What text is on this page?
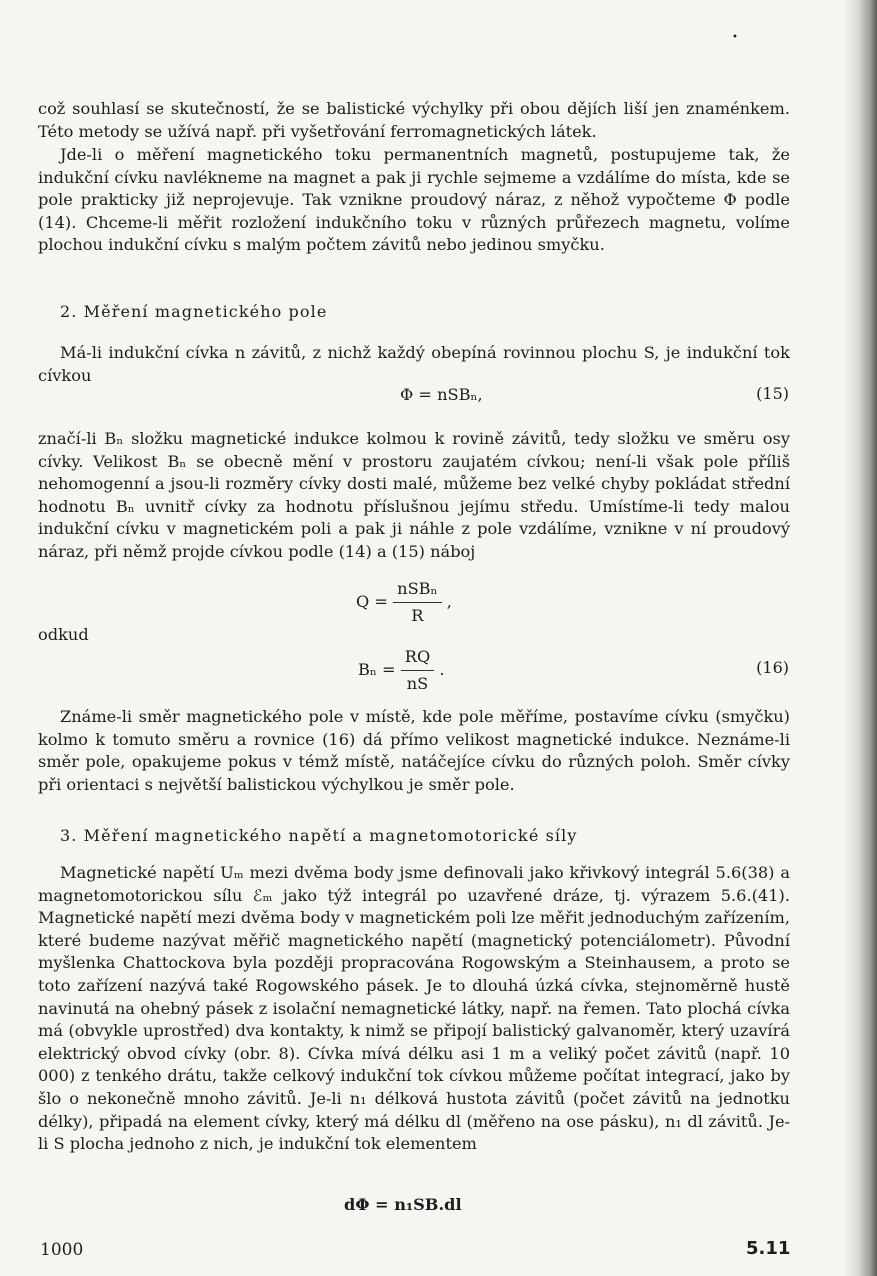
•

což souhlasí se skutečností, že se balistické výchylky při obou dějích liší jen znaménkem. Této metody se užívá např. při vyšetřování ferromagnetických látek.

Jde-li o měření magnetického toku permanentních magnetů, postupujeme tak, že indukční cívku navlékneme na magnet a pak ji rychle sejmeme a vzdálíme do místa, kde se pole prakticky již neprojevuje. Tak vznikne proudový náraz, z něhož vypočteme Φ podle (14). Chceme-li měřit rozložení indukčního toku v různých průřezech magnetu, volíme plochou indukční cívku s malým počtem závitů nebo jedinou smyčku.

2. Měření magnetického pole

Má-li indukční cívka n závitů, z nichž každý obepíná rovinnou plochu S, je indukční tok cívkou

Φ = nSBₙ,	(15)

značí-li Bₙ složku magnetické indukce kolmou k rovině závitů, tedy složku ve směru osy cívky. Velikost Bₙ se obecně mění v prostoru zaujatém cívkou; není-li však pole příliš nehomogenní a jsou-li rozměry cívky dosti malé, můžeme bez velké chyby pokládat střední hodnotu Bₙ uvnitř cívky za hodnotu příslušnou jejímu středu. Umístíme-li tedy malou indukční cívku v magnetickém poli a pak ji náhle z pole vzdálíme, vznikne v ní proudový náraz, při němž projde cívkou podle (14) a (15) náboj

$Q = \frac{\text{nSBₙ}}{R}$ ,

odkud

$B_n = \frac{RQ}{nS}$ .	(16)

Známe-li směr magnetického pole v místě, kde pole měříme, postavíme cívku (smyčku) kolmo k tomuto směru a rovnice (16) dá přímo velikost magnetické indukce. Neznáme-li směr pole, opakujeme pokus v témž místě, natáčejíce cívku do různých poloh. Směr cívky při orientaci s největší balistickou výchylkou je směr pole.

3. Měření magnetického napětí a magnetomotorické síly

Magnetické napětí Uₘ mezi dvěma body jsme definovali jako křivkový integrál 5.6(38) a magnetomotorickou sílu ℰₘ jako týž integrál po uzavřené dráze, tj. výrazem 5.6.(41). Magnetické napětí mezi dvěma body v magnetickém poli lze měřit jednoduchým zařízením, které budeme nazývat měřič magnetického napětí (magnetický potenciálometr). Původní myšlenka Chattockova byla později propracována Rogowským a Steinhausem, a proto se toto zařízení nazývá také Rogowského pásek. Je to dlouhá úzká cívka, stejnoměrně hustě navinutá na ohebný pásek z isolační nemagnetické látky, např. na řemen. Tato plochá cívka má (obvykle uprostřed) dva kontakty, k nimž se připojí balistický galvanoměr, který uzavírá elektrický obvod cívky (obr. 8). Cívka mívá délku asi 1 m a veliký počet závitů (např. 10 000) z tenkého drátu, takže celkový indukční tok cívkou můžeme počítat integrací, jako by šlo o nekonečně mnoho závitů. Je-li n₁ délková hustota závitů (počet závitů na jednotku délky), připadá na element cívky, který má délku dl (měřeno na ose pásku), n₁ dl závitů. Je-li S plocha jednoho z nich, je indukční tok elementem

dΦ = n₁SB.dl
1000	5.11
